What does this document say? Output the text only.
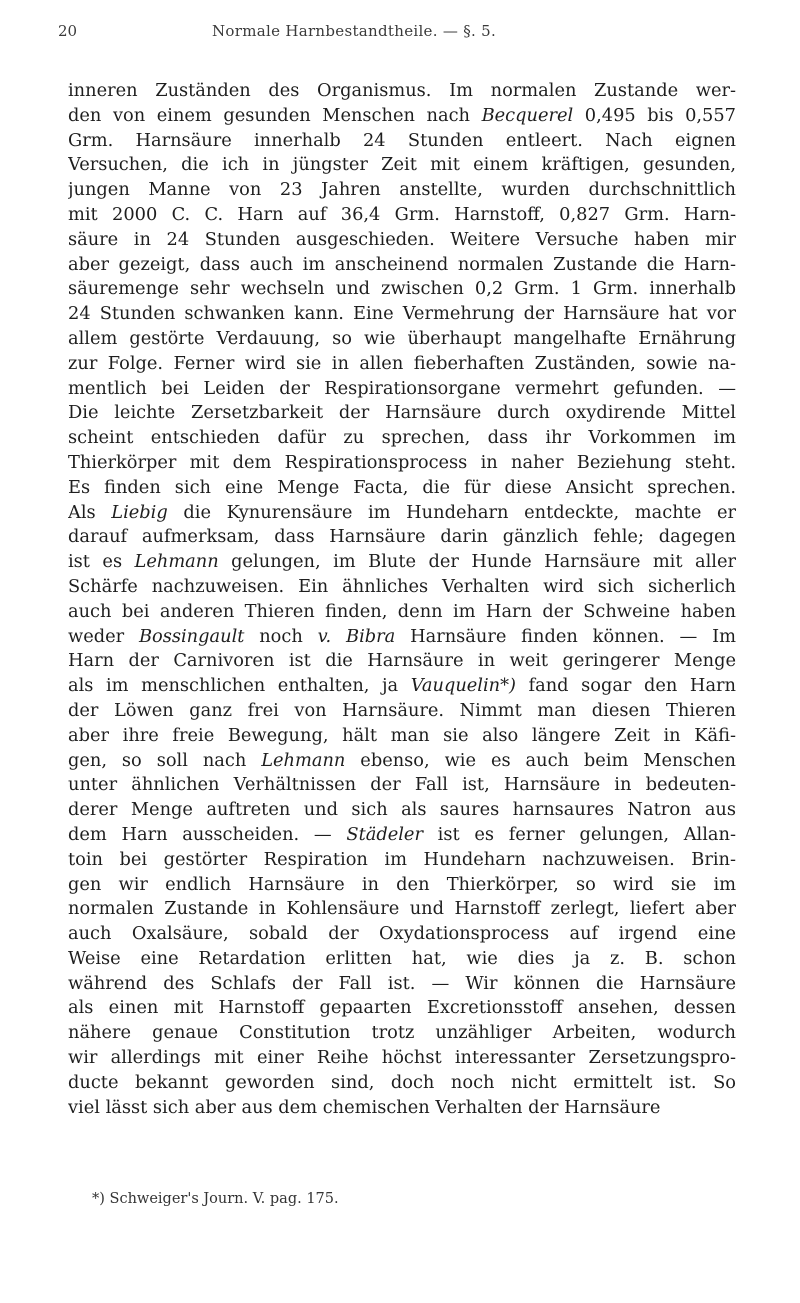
20	Normale Harnbestandtheile. — §. 5.
inneren Zuständen des Organismus. Im normalen Zustande wer-
den von einem gesunden Menschen nach Becquerel 0,495 bis 0,557
Grm. Harnsäure innerhalb 24 Stunden entleert. Nach eignen
Versuchen, die ich in jüngster Zeit mit einem kräftigen, gesunden,
jungen Manne von 23 Jahren anstellte, wurden durchschnittlich
mit 2000 C. C. Harn auf 36,4 Grm. Harnstoff, 0,827 Grm. Harn-
säure in 24 Stunden ausgeschieden. Weitere Versuche haben mir
aber gezeigt, dass auch im anscheinend normalen Zustande die Harn-
säuremenge sehr wechseln und zwischen 0,2 Grm. 1 Grm. innerhalb
24 Stunden schwanken kann. Eine Vermehrung der Harnsäure hat vor
allem gestörte Verdauung, so wie überhaupt mangelhafte Ernährung
zur Folge. Ferner wird sie in allen fieberhaften Zuständen, sowie na-
mentlich bei Leiden der Respirationsorgane vermehrt gefunden. —
Die leichte Zersetzbarkeit der Harnsäure durch oxydirende Mittel
scheint entschieden dafür zu sprechen, dass ihr Vorkommen im
Thierkörper mit dem Respirationsprocess in naher Beziehung steht.
Es finden sich eine Menge Facta, die für diese Ansicht sprechen.
Als Liebig die Kynurensäure im Hundeharn entdeckte, machte er
darauf aufmerksam, dass Harnsäure darin gänzlich fehle; dagegen
ist es Lehmann gelungen, im Blute der Hunde Harnsäure mit aller
Schärfe nachzuweisen. Ein ähnliches Verhalten wird sich sicherlich
auch bei anderen Thieren finden, denn im Harn der Schweine haben
weder Bossingault noch v. Bibra Harnsäure finden können. — Im
Harn der Carnivoren ist die Harnsäure in weit geringerer Menge
als im menschlichen enthalten, ja Vauquelin*) fand sogar den Harn
der Löwen ganz frei von Harnsäure. Nimmt man diesen Thieren
aber ihre freie Bewegung, hält man sie also längere Zeit in Käfi-
gen, so soll nach Lehmann ebenso, wie es auch beim Menschen
unter ähnlichen Verhältnissen der Fall ist, Harnsäure in bedeuten-
derer Menge auftreten und sich als saures harnsaures Natron aus
dem Harn ausscheiden. — Städeler ist es ferner gelungen, Allan-
toin bei gestörter Respiration im Hundeharn nachzuweisen. Brin-
gen wir endlich Harnsäure in den Thierkörper, so wird sie im
normalen Zustande in Kohlensäure und Harnstoff zerlegt, liefert aber
auch Oxalsäure, sobald der Oxydationsprocess auf irgend eine
Weise eine Retardation erlitten hat, wie dies ja z. B. schon
während des Schlafs der Fall ist. — Wir können die Harnsäure
als einen mit Harnstoff gepaarten Excretionsstoff ansehen, dessen
nähere genaue Constitution trotz unzähliger Arbeiten, wodurch
wir allerdings mit einer Reihe höchst interessanter Zersetzungspro-
ducte bekannt geworden sind, doch noch nicht ermittelt ist. So
viel lässt sich aber aus dem chemischen Verhalten der Harnsäure
*) Schweiger's Journ. V. pag. 175.
